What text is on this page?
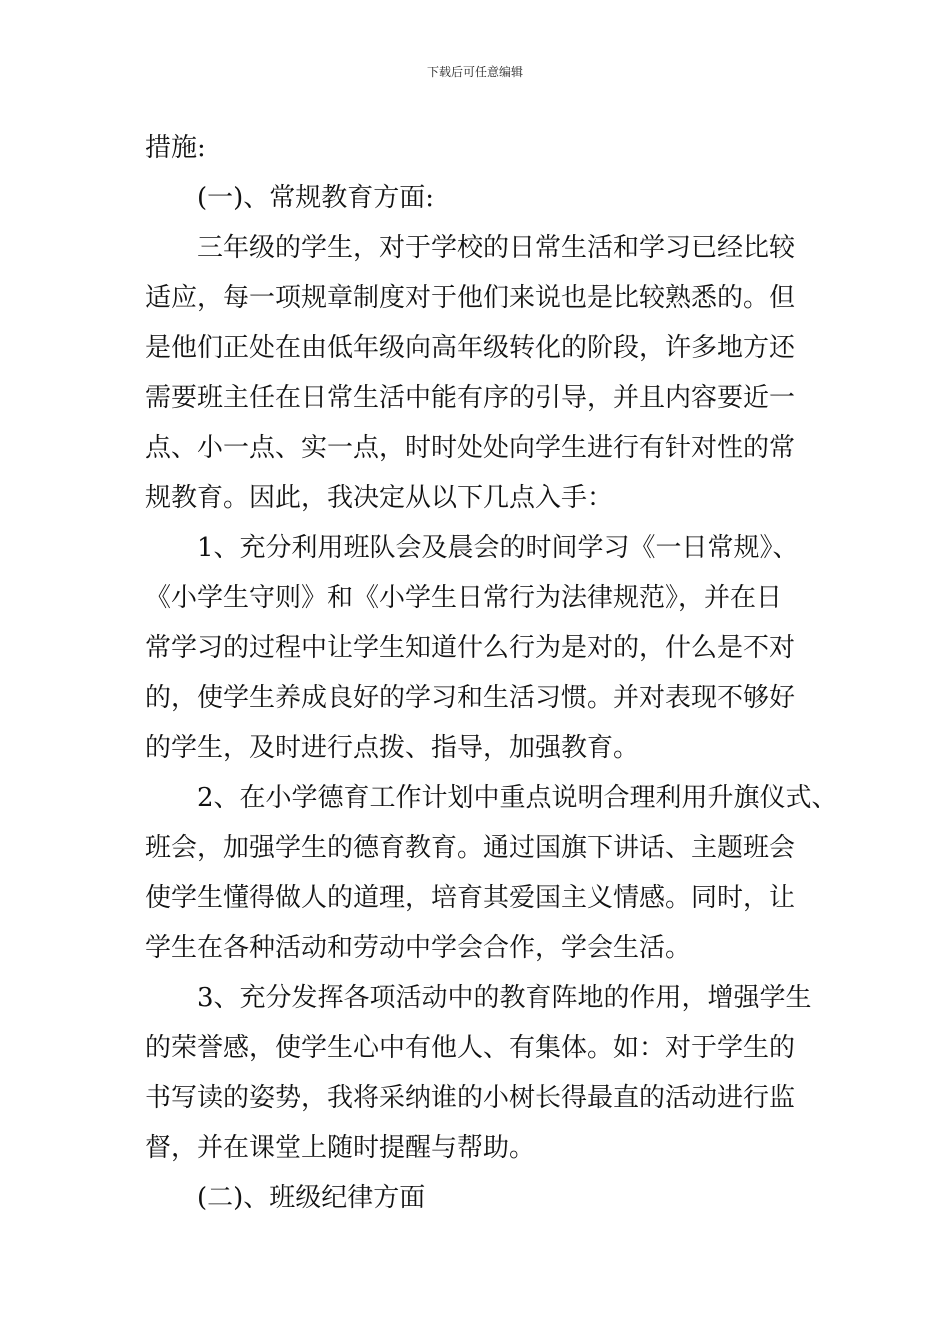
下载后可任意编辑
措施:
(一)、常规教育方面:
三年级的学生，对于学校的日常生活和学习已经比较
适应，每一项规章制度对于他们来说也是比较熟悉的。但
是他们正处在由低年级向高年级转化的阶段，许多地方还
需要班主任在日常生活中能有序的引导，并且内容要近一
点、小一点、实一点，时时处处向学生进行有针对性的常
规教育。因此，我决定从以下几点入手：
1、充分利用班队会及晨会的时间学习《一日常规》、
《小学生守则》和《小学生日常行为法律规范》，并在日
常学习的过程中让学生知道什么行为是对的，什么是不对
的，使学生养成良好的学习和生活习惯。并对表现不够好
的学生，及时进行点拨、指导，加强教育。
2、在小学德育工作计划中重点说明合理利用升旗仪式、
班会，加强学生的德育教育。通过国旗下讲话、主题班会
使学生懂得做人的道理，培育其爱国主义情感。同时，让
学生在各种活动和劳动中学会合作，学会生活。
3、充分发挥各项活动中的教育阵地的作用，增强学生
的荣誉感，使学生心中有他人、有集体。如：对于学生的
书写读的姿势，我将采纳谁的小树长得最直的活动进行监
督，并在课堂上随时提醒与帮助。
(二)、班级纪律方面
